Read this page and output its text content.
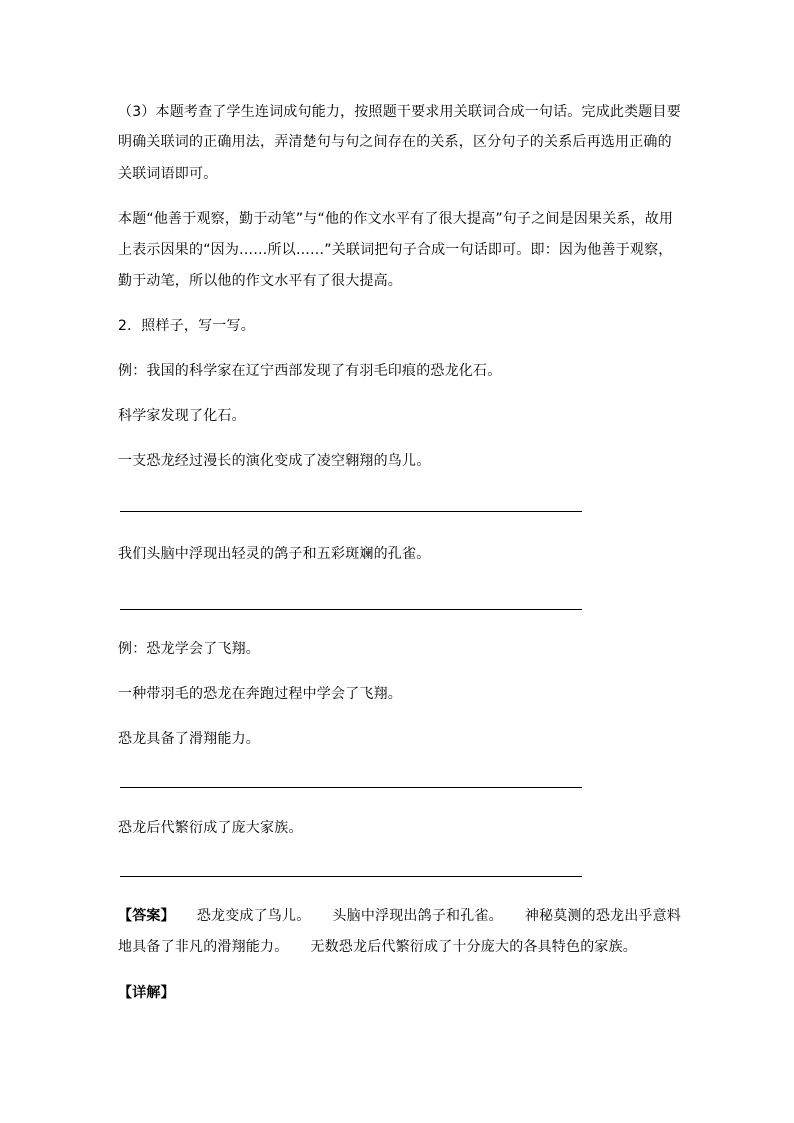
（3）本题考查了学生连词成句能力，按照题干要求用关联词合成一句话。完成此类题目要
明确关联词的正确用法，弄清楚句与句之间存在的关系，区分句子的关系后再选用正确的
关联词语即可。
本题“他善于观察，勤于动笔”与“他的作文水平有了很大提高”句子之间是因果关系，故用
上表示因果的“因为……所以……”关联词把句子合成一句话即可。即：因为他善于观察，
勤于动笔，所以他的作文水平有了很大提高。
2．照样子，写一写。
例：我国的科学家在辽宁西部发现了有羽毛印痕的恐龙化石。
科学家发现了化石。
一支恐龙经过漫长的演化变成了凌空翱翔的鸟儿。
我们头脑中浮现出轻灵的鸽子和五彩斑斓的孔雀。
例：恐龙学会了飞翔。
一种带羽毛的恐龙在奔跑过程中学会了飞翔。
恐龙具备了滑翔能力。
恐龙后代繁衍成了庞大家族。
【答案】 恐龙变成了鸟儿。 头脑中浮现出鸽子和孔雀。 神秘莫测的恐龙出乎意料
地具备了非凡的滑翔能力。 无数恐龙后代繁衍成了十分庞大的各具特色的家族。
【详解】
